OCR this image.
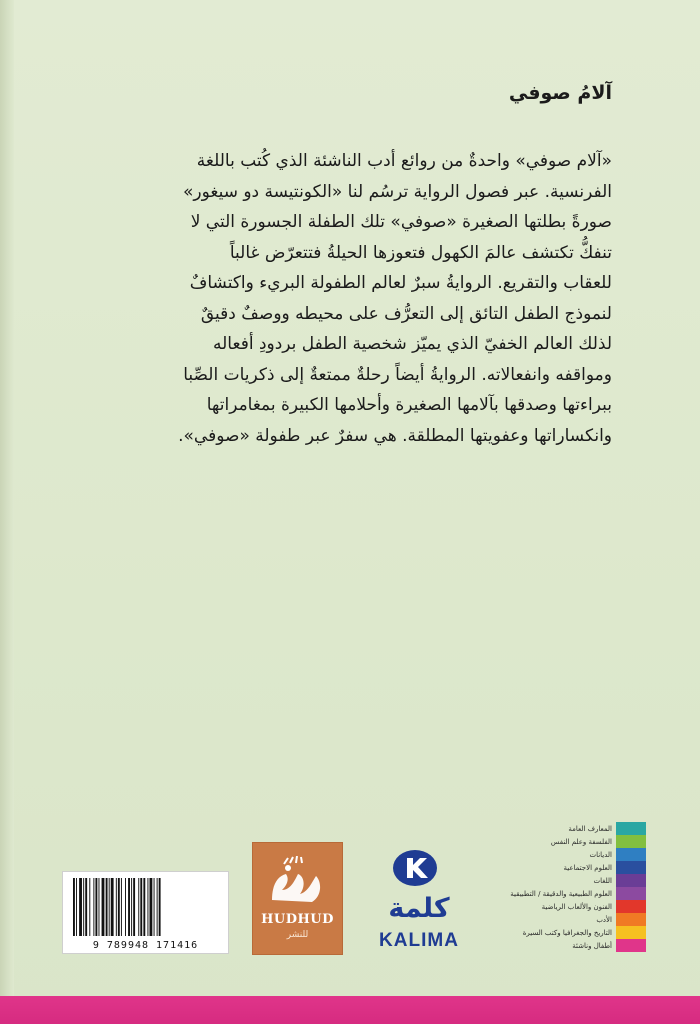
آلامُ صوفي

«آلام صوفي» واحدةٌ من روائع أدب الناشئة الذي كُتب باللغة

الفرنسية. عبر فصول الرواية ترسُم لنا «الكونتيسة دو سيغور»

صورةً بطلتها الصغيرة «صوفي» تلك الطفلة الجسورة التي لا

تنفكُّ تكتشف عالمَ الكهول فتعوزها الحيلةُ فتتعرّض غالباً

للعقاب والتقريع. الروايةُ سبرٌ لعالم الطفولة البريء واكتشافٌ

لنموذج الطفل التائق إلى التعرُّف على محيطه ووصفٌ دقيقٌ

لذلك العالم الخفيّ الذي يميّز شخصية الطفل بردودِ أفعاله

ومواقفه وانفعالاته. الروايةُ أيضاً رحلةٌ ممتعةٌ إلى ذكريات الصِّبا

ببراءتها وصدقها بآلامها الصغيرة وأحلامها الكبيرة بمغامراتها

وانكساراتها وعفويتها المطلقة. هي سفرٌ عبر طفولة «صوفي».

المعارف العامة
الفلسفة وعلم النفس
الديانات
العلوم الاجتماعية
اللغات
العلوم الطبيعية والدقيقة / التطبيقية
الفنون والألعاب الرياضية
الأدب
التاريخ والجغرافيا وكتب السيرة
أطفال وناشئة
9 789948 171416
HUDHUD
للنشر
كلمة
KALIMA
